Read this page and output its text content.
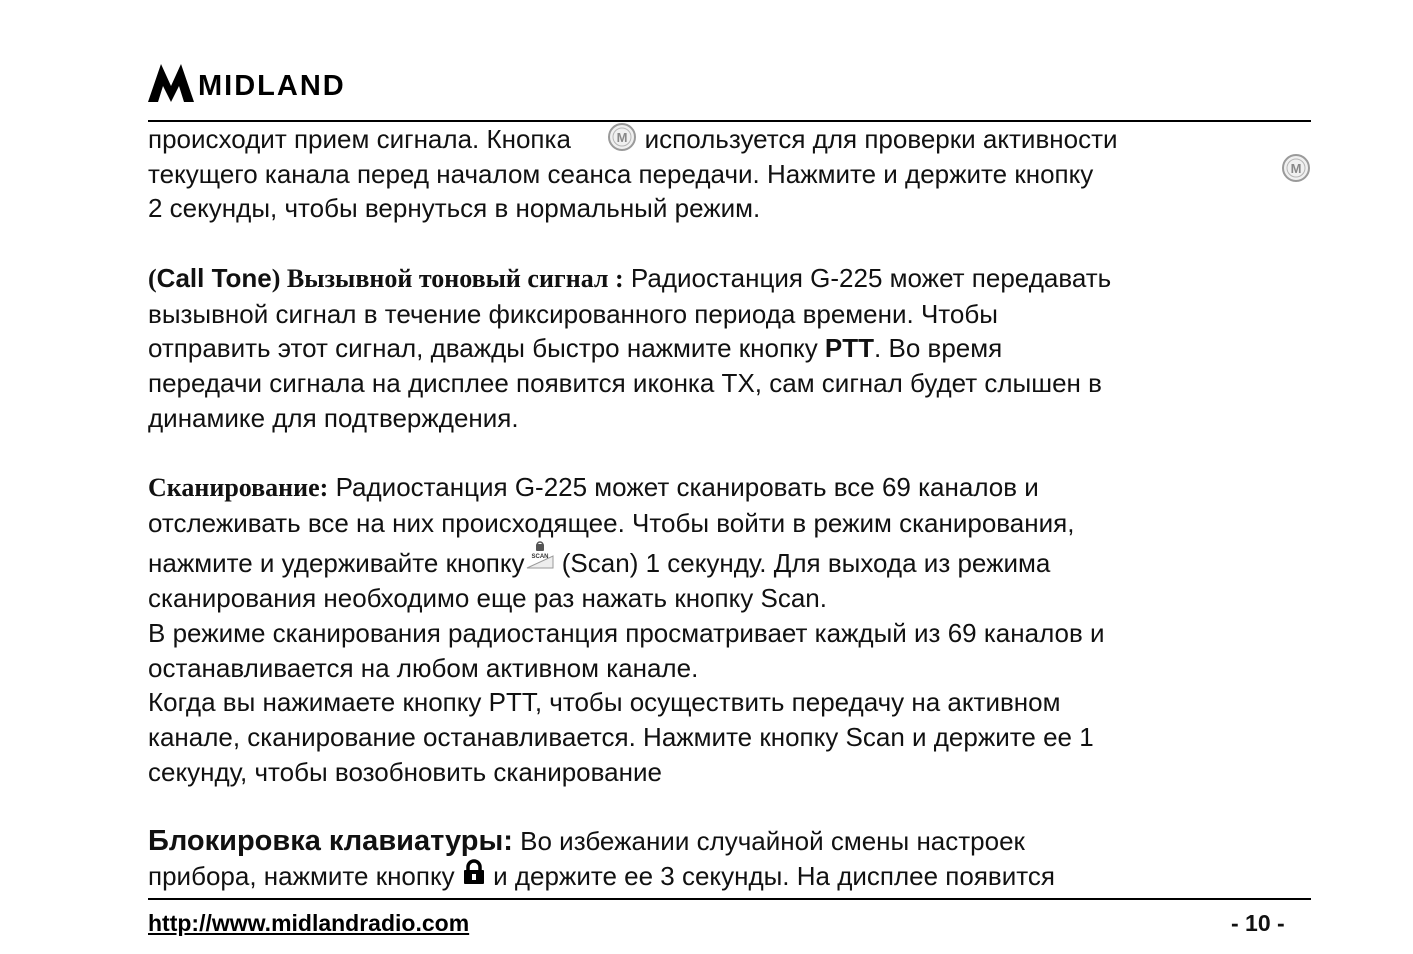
MIDLAND

происходит прием сигнала. Кнопка	M используется для проверки активности

текущего канала перед началом сеанса передачи. Нажмите и держите кнопку	M

2 секунды, чтобы вернуться в нормальный режим.

(Call Tone) Вызывной тоновый сигнал : Радиостанция G-225 может передавать

вызывной сигнал в течение фиксированного периода времени. Чтобы

отправить этот сигнал, дважды быстро нажмите кнопку PTT. Во время

передачи сигнала на дисплее появится иконка TX, сам сигнал будет слышен в

динамике для подтверждения.

Сканирование: Радиостанция G-225 может сканировать все 69 каналов и

отслеживать все на них происходящее. Чтобы войти в режим сканирования,

нажмите и удерживайте кнопку SCAN (Scan) 1 секунду. Для выхода из режима

сканирования необходимо еще раз нажать кнопку Scan.

В режиме сканирования радиостанция просматривает каждый из 69 каналов и

останавливается на любом активном канале.

Когда вы нажимаете кнопку PTT, чтобы осуществить передачу на активном

канале, сканирование останавливается. Нажмите кнопку Scan и держите ее 1

секунду, чтобы возобновить сканирование

Блокировка клавиатуры: Во избежании случайной смены настроек

прибора, нажмите кнопку  и держите ее 3 секунды. На дисплее появится

http://www.midlandradio.com	- 10 -
